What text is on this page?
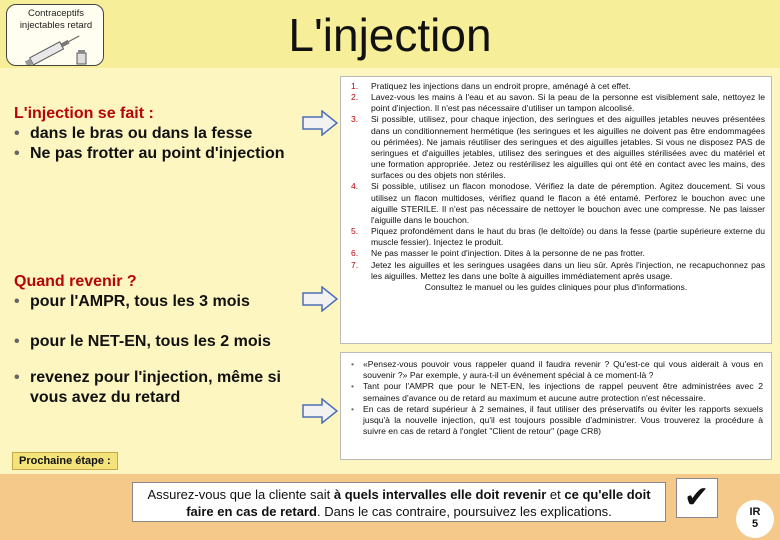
Contraceptifs
injectables retard	L'injection
L'injection se fait :
• dans le bras ou dans la fesse
• Ne pas frotter au point d'injection
Quand revenir ?
• pour l'AMPR, tous les 3 mois
• pour le NET-EN, tous les 2 mois
• revenez pour l'injection, même si vous avez du retard
1. Pratiquez les injections dans un endroit propre, aménagé à cet effet.
2. Lavez-vous les mains à l'eau et au savon. Si la peau de la personne est visiblement sale, nettoyez le point d'injection. Il n'est pas nécessaire d'utiliser un tampon alcoolisé.
3. Si possible, utilisez, pour chaque injection, des seringues et des aiguilles jetables neuves présentées dans un conditionnement hermétique (les seringues et les aiguilles ne doivent pas être endommagées ou périmées). Ne jamais réutiliser des seringues et des aiguilles jetables. Si vous ne disposez PAS de seringues et d'aiguilles jetables, utilisez des seringues et des aiguilles stérilisées avec du matériel et une formation appropriée. Jetez ou restérilisez les aiguilles qui ont été en contact avec les mains, des surfaces ou des objets non stériles.
4. Si possible, utilisez un flacon monodose. Vérifiez la date de péremption. Agitez doucement. Si vous utilisez un flacon multidoses, vérifiez quand le flacon a été entamé. Perforez le bouchon avec une aiguille STERILE. Il n'est pas nécessaire de nettoyer le bouchon avec une compresse. Ne pas laisser l'aiguille dans le bouchon.
5. Piquez profondément dans le haut du bras (le deltoïde) ou dans la fesse (partie supérieure externe du muscle fessier). Injectez le produit.
6. Ne pas masser le point d'injection. Dites à la personne de ne pas frotter.
7. Jetez les aiguilles et les seringues usagées dans un lieu sûr. Après l'injection, ne recapuchonnez pas les aiguilles. Mettez les dans une boîte à aiguilles immédiatement après usage.
Consultez le manuel ou les guides cliniques pour plus d'informations.
• «Pensez-vous pouvoir vous rappeler quand il faudra revenir ? Qu'est-ce qui vous aiderait à vous en souvenir ?» Par exemple, y aura-t-il un événement spécial à ce moment-là ?
• Tant pour l'AMPR que pour le NET-EN, les injections de rappel peuvent être administrées avec 2 semaines d'avance ou de retard au maximum et aucune autre protection n'est nécessaire.
• En cas de retard supérieur à 2 semaines, il faut utiliser des préservatifs ou éviter les rapports sexuels jusqu'à la nouvelle injection, qu'il est toujours possible d'administrer. Vous trouverez la procédure à suivre en cas de retard à l'onglet "Client de retour" (page CR8)
Prochaine étape :
Assurez-vous que la cliente sait à quels intervalles elle doit revenir et ce qu'elle doit faire en cas de retard. Dans le cas contraire, poursuivez les explications.	✔	IR
5
